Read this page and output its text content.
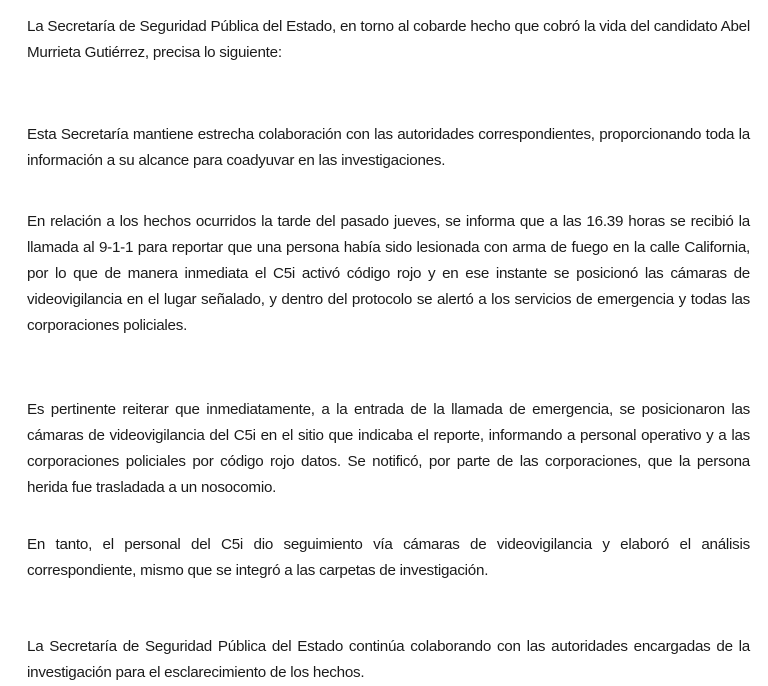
La Secretaría de Seguridad Pública del Estado, en torno al cobarde hecho que cobró la vida del candidato Abel Murrieta Gutiérrez, precisa lo siguiente:

Esta Secretaría mantiene estrecha colaboración con las autoridades correspondientes, proporcionando toda la información a su alcance para coadyuvar en las investigaciones.

En relación a los hechos ocurridos la tarde del pasado jueves, se informa que a las 16.39 horas se recibió la llamada al 9-1-1 para reportar que una persona había sido lesionada con arma de fuego en la calle California, por lo que de manera inmediata el C5i activó código rojo y en ese instante se posicionó las cámaras de videovigilancia en el lugar señalado, y dentro del protocolo se alertó a los servicios de emergencia y todas las corporaciones policiales.

Es pertinente reiterar que inmediatamente, a la entrada de la llamada de emergencia, se posicionaron las cámaras de videovigilancia del C5i en el sitio que indicaba el reporte, informando a personal operativo y a las corporaciones policiales por código rojo datos. Se notificó, por parte de las corporaciones, que la persona herida fue trasladada a un nosocomio.

En tanto, el personal del C5i dio seguimiento vía cámaras de videovigilancia y elaboró el análisis correspondiente, mismo que se integró a las carpetas de investigación.

La Secretaría de Seguridad Pública del Estado continúa colaborando con las autoridades encargadas de la investigación para el esclarecimiento de los hechos.
